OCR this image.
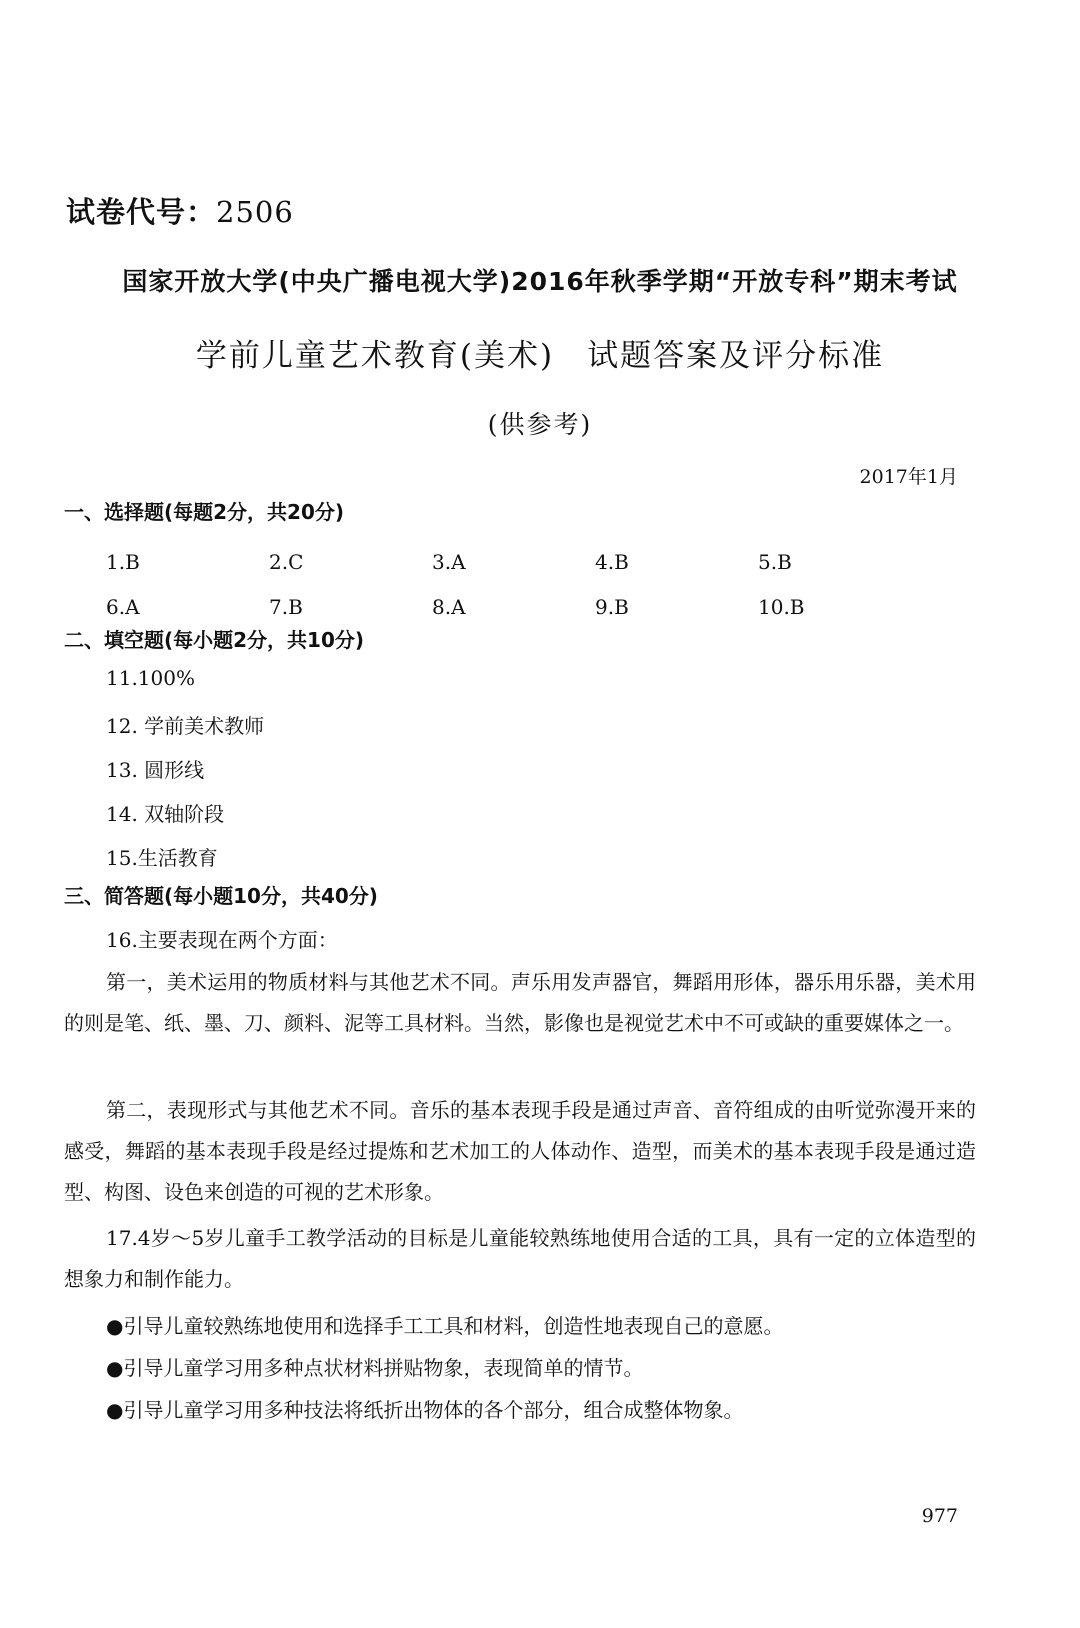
试卷代号：2506
国家开放大学(中央广播电视大学)2016年秋季学期“开放专科”期末考试
学前儿童艺术教育(美术)　试题答案及评分标准
(供参考)
2017年1月
一、选择题(每题2分，共20分)
1.B	2.C	3.A	4.B	5.B
6.A	7.B	8.A	9.B	10.B
二、填空题(每小题2分，共10分)
11.100%
12. 学前美术教师
13. 圆形线
14. 双轴阶段
15.生活教育
三、简答题(每小题10分，共40分)
16.主要表现在两个方面：
第一，美术运用的物质材料与其他艺术不同。声乐用发声器官，舞蹈用形体，器乐用乐器，美术用的则是笔、纸、墨、刀、颜料、泥等工具材料。当然，影像也是视觉艺术中不可或缺的重要媒体之一。
第二，表现形式与其他艺术不同。音乐的基本表现手段是通过声音、音符组成的由听觉弥漫开来的感受，舞蹈的基本表现手段是经过提炼和艺术加工的人体动作、造型，而美术的基本表现手段是通过造型、构图、设色来创造的可视的艺术形象。
17.4岁～5岁儿童手工教学活动的目标是儿童能较熟练地使用合适的工具，具有一定的立体造型的想象力和制作能力。
●引导儿童较熟练地使用和选择手工工具和材料，创造性地表现自己的意愿。
●引导儿童学习用多种点状材料拼贴物象，表现简单的情节。
●引导儿童学习用多种技法将纸折出物体的各个部分，组合成整体物象。
977
